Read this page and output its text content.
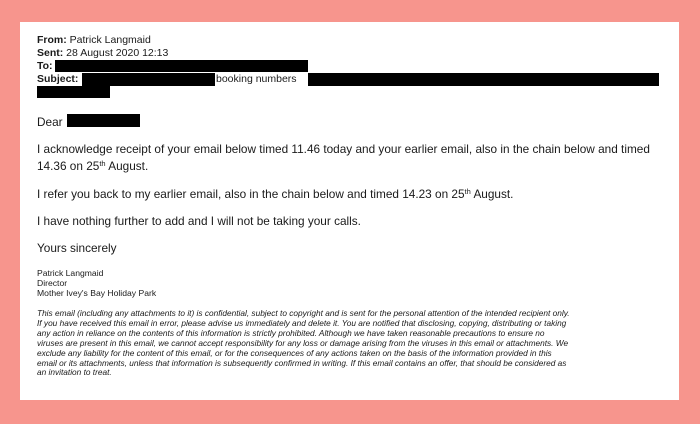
From: Patrick Langmaid
Sent: 28 August 2020 12:13
To:
Subject:	booking numbers
Dear
I acknowledge receipt of your email below timed 11.46 today and your earlier email, also in the chain below and timed
14.36 on 25th August.
I refer you back to my earlier email, also in the chain below and timed 14.23 on 25th August.
I have nothing further to add and I will not be taking your calls.
Yours sincerely
Patrick Langmaid
Director
Mother Ivey's Bay Holiday Park
This email (including any attachments to it) is confidential, subject to copyright and is sent for the personal attention of the intended recipient only.
If you have received this email in error, please advise us immediately and delete it. You are notified that disclosing, copying, distributing or taking
any action in reliance on the contents of this information is strictly prohibited. Although we have taken reasonable precautions to ensure no
viruses are present in this email, we cannot accept responsibility for any loss or damage arising from the viruses in this email or attachments. We
exclude any liability for the content of this email, or for the consequences of any actions taken on the basis of the information provided in this
email or its attachments, unless that information is subsequently confirmed in writing. If this email contains an offer, that should be considered as
an invitation to treat.
